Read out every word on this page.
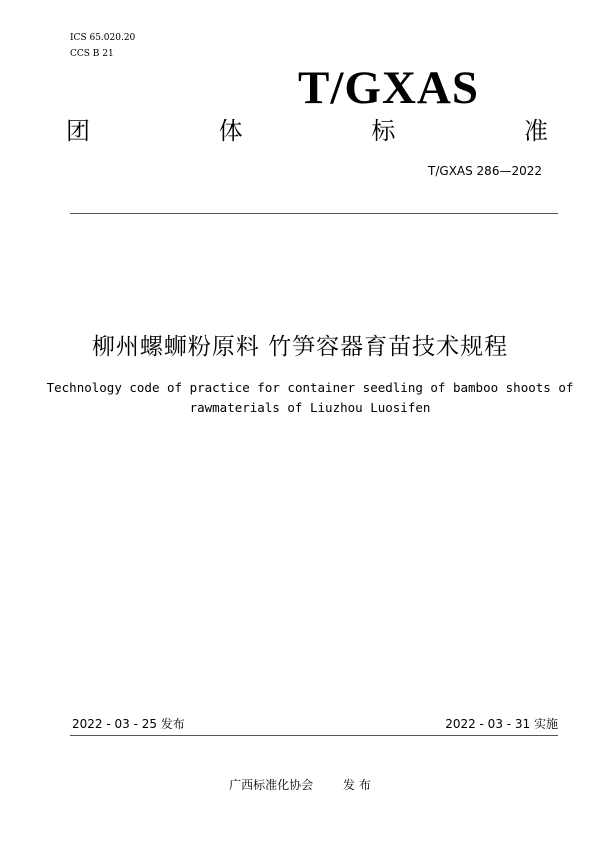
ICS 65.020.20
CCS B 21
T/GXAS
团	体	标	准
T/GXAS 286—2022
柳州螺蛳粉原料 竹笋容器育苗技术规程
Technology code of practice for container seedling of bamboo shoots of
rawmaterials of Liuzhou Luosifen
2022 - 03 - 25 发布	2022 - 03 - 31 实施
广西标准化协会 发 布
